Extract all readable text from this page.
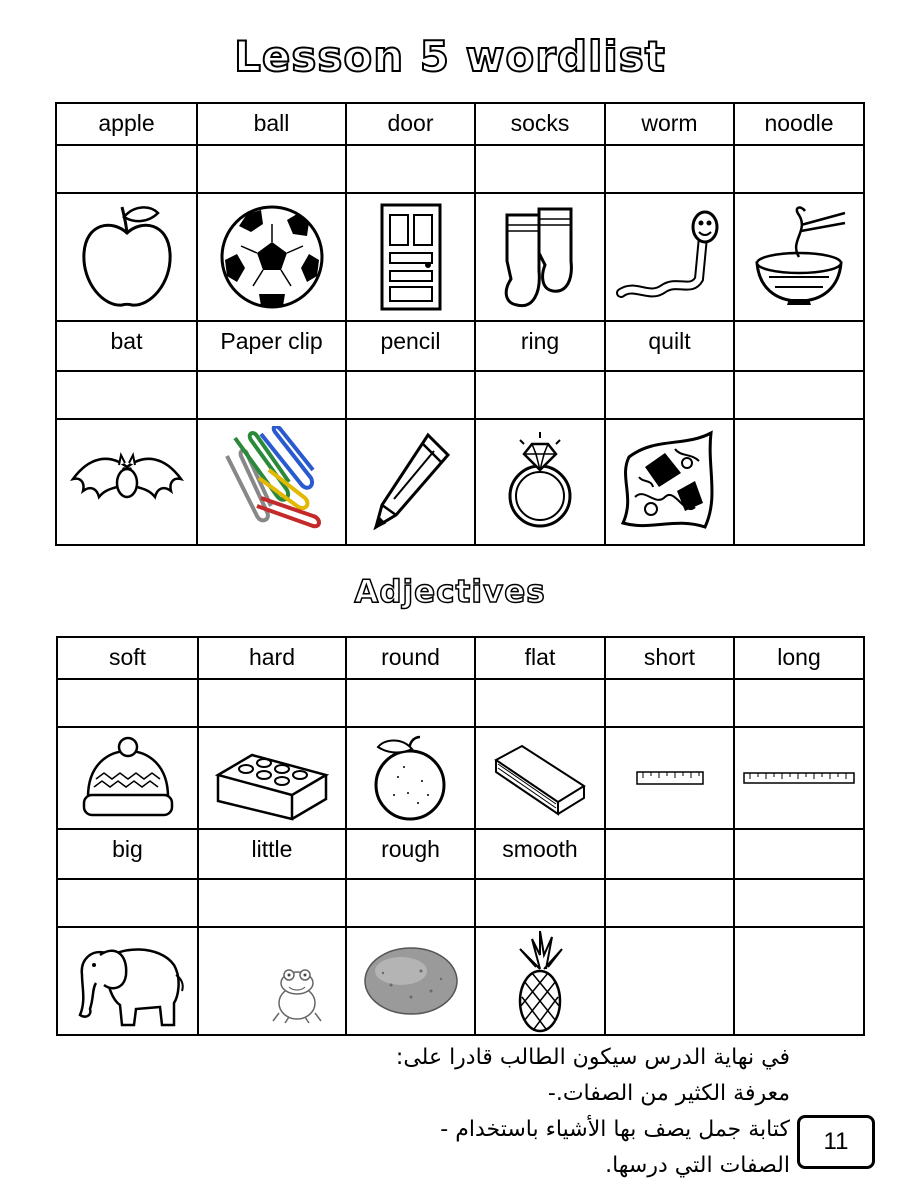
Lesson 5 wordlist
apple	ball	door	socks	worm	noodle

bat	Paper clip	pencil	ring	quilt	

Adjectives
soft	hard	round	flat	short	long

big	little	rough	smooth		

في نهاية الدرس سيكون الطالب قادرا على:
معرفة الكثير من الصفات.-
كتابة جمل يصف بها الأشياء باستخدام -
الصفات التي درسها.
11
